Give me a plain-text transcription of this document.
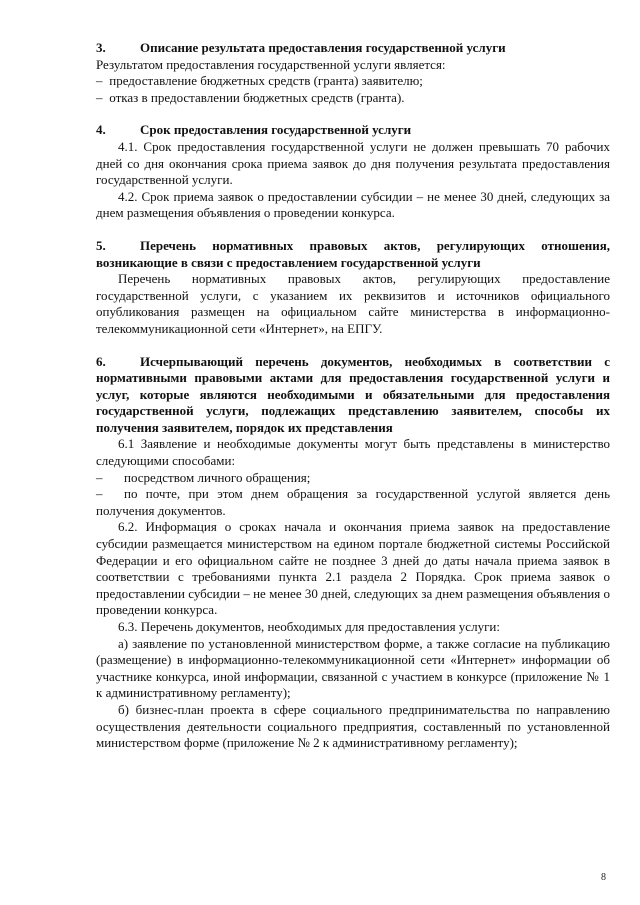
3.	Описание результата предоставления государственной услуги

Результатом предоставления государственной услуги является:

– предоставление бюджетных средств (гранта) заявителю;

– отказ в предоставлении бюджетных средств (гранта).

4.	Срок предоставления государственной услуги

4.1. Срок предоставления государственной услуги не должен превышать 70 рабочих дней со дня окончания срока приема заявок до дня получения результата предоставления государственной услуги.

4.2. Срок приема заявок о предоставлении субсидии – не менее 30 дней, следующих за днем размещения объявления о проведении конкурса.

5.	Перечень нормативных правовых актов, регулирующих отношения, возникающие в связи с предоставлением государственной услуги

Перечень нормативных правовых актов, регулирующих предоставление государственной услуги, с указанием их реквизитов и источников официального опубликования размещен на официальном сайте министерства в информационно-телекоммуникационной сети «Интернет», на ЕПГУ.

6.	Исчерпывающий перечень документов, необходимых в соответствии с нормативными правовыми актами для предоставления государственной услуги и услуг, которые являются необходимыми и обязательными для предоставления государственной услуги, подлежащих представлению заявителем, способы их получения заявителем, порядок их представления

6.1 Заявление и необходимые документы могут быть представлены в министерство следующими способами:

– посредством личного обращения;

– по почте, при этом днем обращения за государственной услугой является день получения документов.

6.2. Информация о сроках начала и окончания приема заявок на предоставление субсидии размещается министерством на едином портале бюджетной системы Российской Федерации и его официальном сайте не позднее 3 дней до даты начала приема заявок в соответствии с требованиями пункта 2.1 раздела 2 Порядка. Срок приема заявок о предоставлении субсидии – не менее 30 дней, следующих за днем размещения объявления о проведении конкурса.

6.3. Перечень документов, необходимых для предоставления услуги:

а) заявление по установленной министерством форме, а также согласие на публикацию (размещение) в информационно-телекоммуникационной сети «Интернет» информации об участнике конкурса, иной информации, связанной с участием в конкурсе (приложение № 1 к административному регламенту);

б) бизнес-план проекта в сфере социального предпринимательства по направлению осуществления деятельности социального предприятия, составленный по установленной министерством форме (приложение № 2 к административному регламенту);

8
